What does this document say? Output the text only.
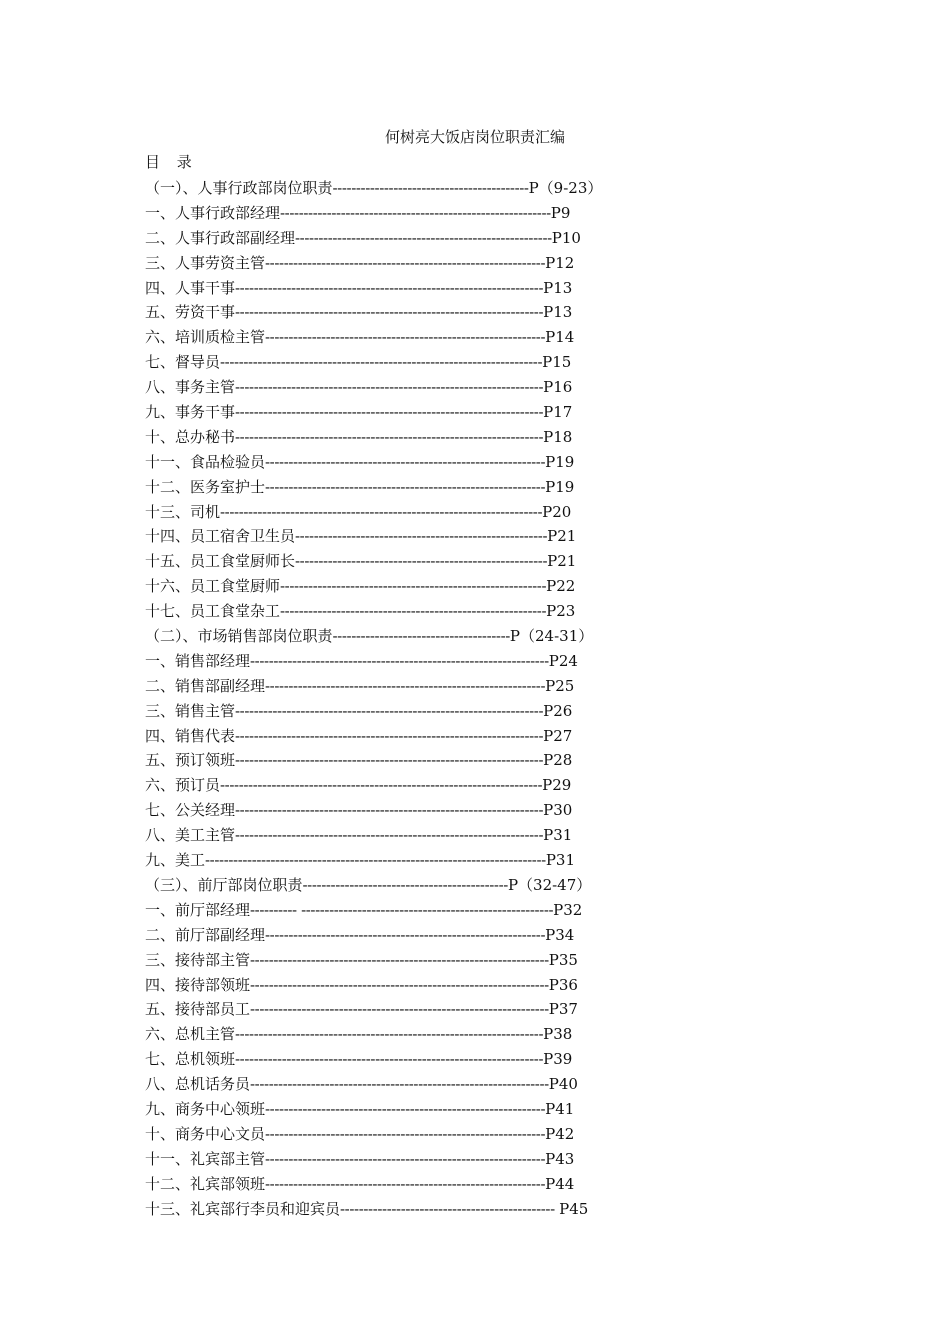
何树亮大饭店岗位职责汇编
目 录
（一）、人事行政部岗位职责------------------------------------------P（9-23）
一、人事行政部经理----------------------------------------------------------P9
二、人事行政部副经理-------------------------------------------------------P10
三、人事劳资主管------------------------------------------------------------P12
四、人事干事------------------------------------------------------------------P13
五、劳资干事------------------------------------------------------------------P13
六、培训质检主管------------------------------------------------------------P14
七、督导员---------------------------------------------------------------------P15
八、事务主管------------------------------------------------------------------P16
九、事务干事------------------------------------------------------------------P17
十、总办秘书------------------------------------------------------------------P18
十一、食品检验员------------------------------------------------------------P19
十二、医务室护士------------------------------------------------------------P19
十三、司机---------------------------------------------------------------------P20
十四、员工宿舍卫生员------------------------------------------------------P21
十五、员工食堂厨师长------------------------------------------------------P21
十六、员工食堂厨师---------------------------------------------------------P22
十七、员工食堂杂工---------------------------------------------------------P23
（二）、市场销售部岗位职责--------------------------------------P（24-31）
一、销售部经理----------------------------------------------------------------P24
二、销售部副经理------------------------------------------------------------P25
三、销售主管------------------------------------------------------------------P26
四、销售代表------------------------------------------------------------------P27
五、预订领班------------------------------------------------------------------P28
六、预订员---------------------------------------------------------------------P29
七、公关经理------------------------------------------------------------------P30
八、美工主管------------------------------------------------------------------P31
九、美工-------------------------------------------------------------------------P31
（三）、前厅部岗位职责--------------------------------------------P（32-47）
一、前厅部经理---------- ------------------------------------------------------P32
二、前厅部副经理------------------------------------------------------------P34
三、接待部主管----------------------------------------------------------------P35
四、接待部领班----------------------------------------------------------------P36
五、接待部员工----------------------------------------------------------------P37
六、总机主管------------------------------------------------------------------P38
七、总机领班------------------------------------------------------------------P39
八、总机话务员----------------------------------------------------------------P40
九、商务中心领班------------------------------------------------------------P41
十、商务中心文员------------------------------------------------------------P42
十一、礼宾部主管------------------------------------------------------------P43
十二、礼宾部领班------------------------------------------------------------P44
十三、礼宾部行李员和迎宾员---------------------------------------------- P45
